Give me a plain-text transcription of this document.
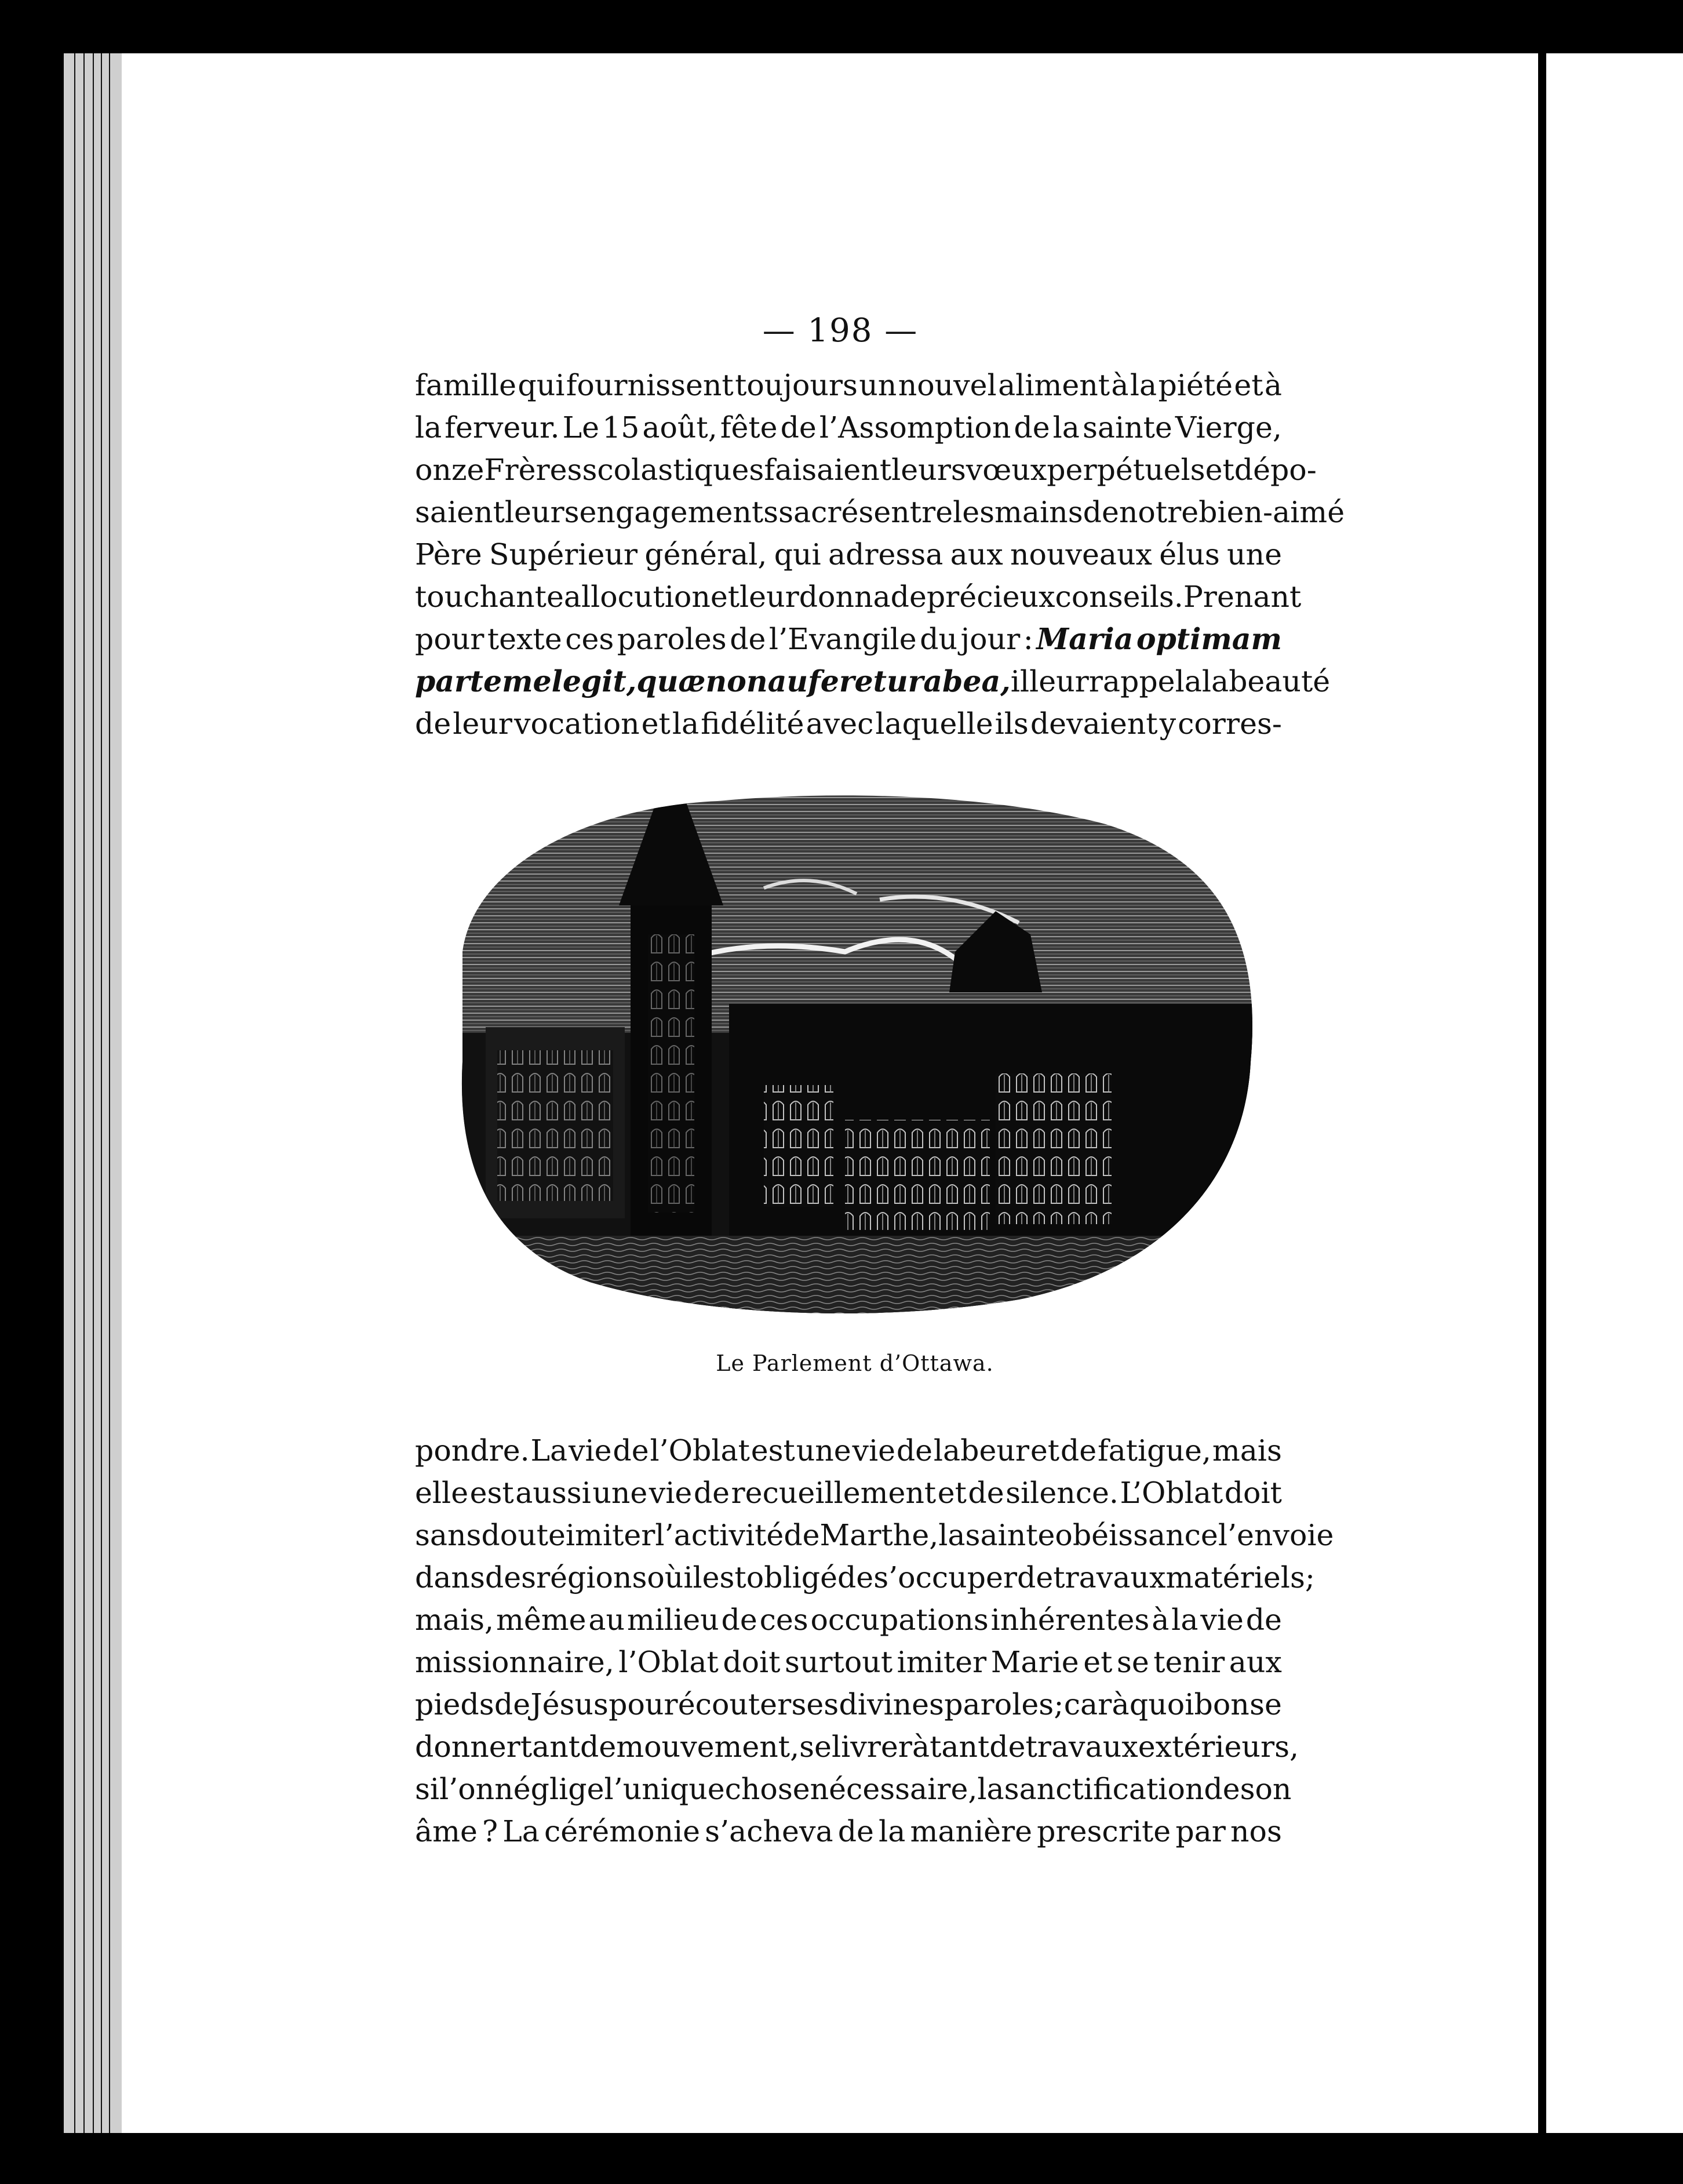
— 198 —
famille qui fournissent toujours un nouvel aliment à la piété et à
la ferveur. Le 15 août, fête de l’Assomption de la sainte Vierge,
onze Frères scolastiques faisaient leurs vœux perpétuels et dépo-
saient leurs engagements sacrés entre les mains de notre bien-aimé
Père Supérieur général, qui adressa aux nouveaux élus une
touchante allocution et leur donna de précieux conseils. Prenant
pour texte ces paroles de l’Evangile du jour : Maria optimam
partem elegit, quæ non auferetur ab ea, il leur rappela la beauté
de leur vocation et la fidélité avec laquelle ils devaient y corres-
Le Parlement d’Ottawa.
pondre. La vie de l’Oblat est une vie de labeur et de fatigue, mais
elle est aussi une vie de recueillement et de silence. L’Oblat doit
sans doute imiter l’activité de Marthe, la sainte obéissance l’envoie
dans des régions où il est obligé de s’occuper de travaux matériels ;
mais, même au milieu de ces occupations inhérentes à la vie de
missionnaire, l’Oblat doit surtout imiter Marie et se tenir aux
pieds de Jésus pour écouter ses divines paroles ; car à quoi bon se
donner tant de mouvement, se livrer à tant de travaux extérieurs,
si l’on néglige l’unique chose nécessaire, la sanctification de son
âme ? La cérémonie s’acheva de la manière prescrite par nos
